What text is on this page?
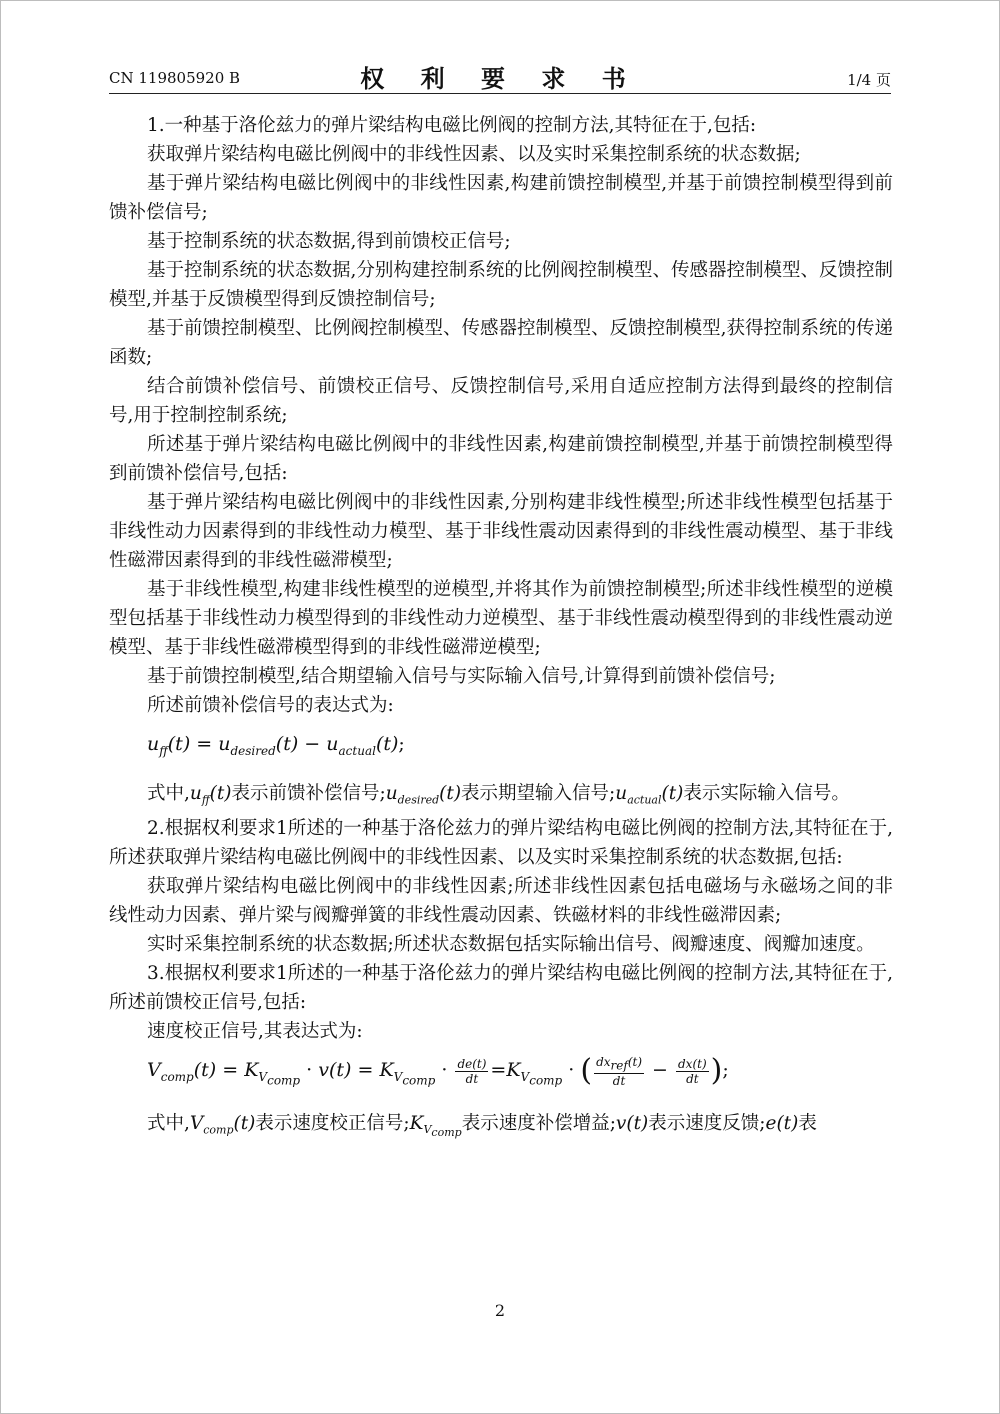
CN 119805920 B	权 利 要 求 书	1/4 页

1.一种基于洛伦兹力的弹片梁结构电磁比例阀的控制方法,其特征在于,包括:

获取弹片梁结构电磁比例阀中的非线性因素、以及实时采集控制系统的状态数据;

基于弹片梁结构电磁比例阀中的非线性因素,构建前馈控制模型,并基于前馈控制模型得到前馈补偿信号;

基于控制系统的状态数据,得到前馈校正信号;

基于控制系统的状态数据,分别构建控制系统的比例阀控制模型、传感器控制模型、反馈控制模型,并基于反馈模型得到反馈控制信号;

基于前馈控制模型、比例阀控制模型、传感器控制模型、反馈控制模型,获得控制系统的传递函数;

结合前馈补偿信号、前馈校正信号、反馈控制信号,采用自适应控制方法得到最终的控制信号,用于控制控制系统;

所述基于弹片梁结构电磁比例阀中的非线性因素,构建前馈控制模型,并基于前馈控制模型得到前馈补偿信号,包括:

基于弹片梁结构电磁比例阀中的非线性因素,分别构建非线性模型;所述非线性模型包括基于非线性动力因素得到的非线性动力模型、基于非线性震动因素得到的非线性震动模型、基于非线性磁滞因素得到的非线性磁滞模型;

基于非线性模型,构建非线性模型的逆模型,并将其作为前馈控制模型;所述非线性模型的逆模型包括基于非线性动力模型得到的非线性动力逆模型、基于非线性震动模型得到的非线性震动逆模型、基于非线性磁滞模型得到的非线性磁滞逆模型;

基于前馈控制模型,结合期望输入信号与实际输入信号,计算得到前馈补偿信号;

所述前馈补偿信号的表达式为:

$u_{ff}(t) = u_{desired}(t) - u_{actual}(t)$;

式中$,u_{ff}(t)$表示前馈补偿信号$;u_{desired}(t)$表示期望输入信号$;u_{actual}(t)$表示实际输入信号。

2.根据权利要求1所述的一种基于洛伦兹力的弹片梁结构电磁比例阀的控制方法,其特征在于,所述获取弹片梁结构电磁比例阀中的非线性因素、以及实时采集控制系统的状态数据,包括:

获取弹片梁结构电磁比例阀中的非线性因素;所述非线性因素包括电磁场与永磁场之间的非线性动力因素、弹片梁与阀瓣弹簧的非线性震动因素、铁磁材料的非线性磁滞因素;

实时采集控制系统的状态数据;所述状态数据包括实际输出信号、阀瓣速度、阀瓣加速度。

3.根据权利要求1所述的一种基于洛伦兹力的弹片梁结构电磁比例阀的控制方法,其特征在于,所述前馈校正信号,包括:

速度校正信号,其表达式为:

$V_{comp}(t) = K_{V_{comp}} \cdot v(t) = K_{V_{comp}} \cdot \frac{de(t)}{dt} =K_{V_{comp}}$ · ( $\frac{dx_{ref}(t)}{dt} - \frac{dx(t)}{dt}$ );

式中$,V_{comp}(t)$表示速度校正信号$;K_{V_{comp}}$表示速度补偿增益;v(t)表示速度反馈;e(t)表

2
